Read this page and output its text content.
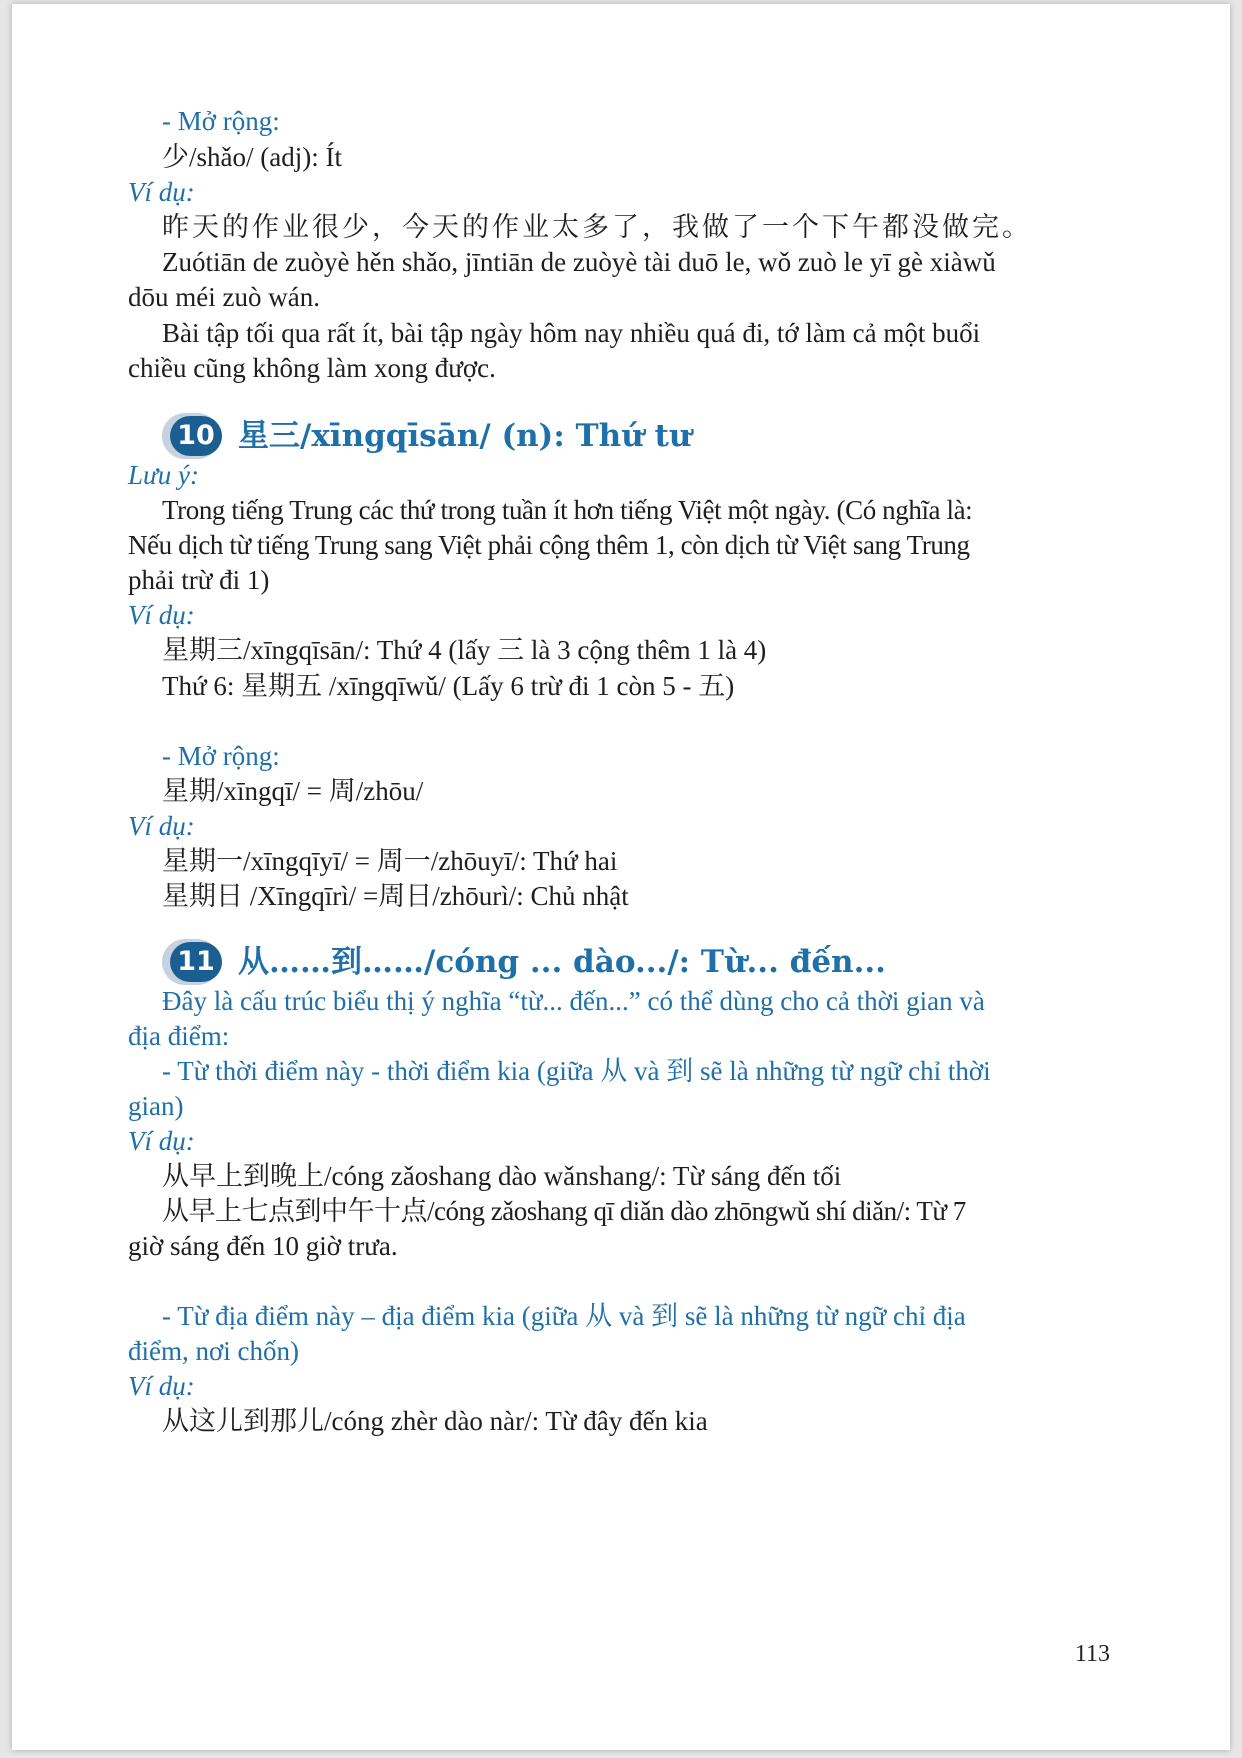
- Mở rộng:
少/shǎo/ (adj): Ít
Ví dụ:
昨天的作业很少，今天的作业太多了，我做了一个下午都没做完。
Zuótiān de zuòyè hěn shǎo, jīntiān de zuòyè tài duō le, wǒ zuò le yī gè xiàwǔ
dōu méi zuò wán.
Bài tập tối qua rất ít, bài tập ngày hôm nay nhiều quá đi, tớ làm cả một buổi
chiều cũng không làm xong được.
10 星三/xīngqīsān/ (n): Thứ tư
Lưu ý:
Trong tiếng Trung các thứ trong tuần ít hơn tiếng Việt một ngày. (Có nghĩa là:
Nếu dịch từ tiếng Trung sang Việt phải cộng thêm 1, còn dịch từ Việt sang Trung
phải trừ đi 1)
Ví dụ:
星期三/xīngqīsān/: Thứ 4 (lấy 三 là 3 cộng thêm 1 là 4)
Thứ 6: 星期五 /xīngqīwǔ/ (Lấy 6 trừ đi 1 còn 5 - 五)
- Mở rộng:
星期/xīngqī/ = 周/zhōu/
Ví dụ:
星期一/xīngqīyī/ = 周一/zhōuyī/: Thứ hai
星期日 /Xīngqīrì/ =周日/zhōurì/: Chủ nhật
11 从……到……/cóng ... dào.../: Từ... đến...
Đây là cấu trúc biểu thị ý nghĩa “từ... đến...” có thể dùng cho cả thời gian và
địa điểm:
- Từ thời điểm này - thời điểm kia (giữa 从 và 到 sẽ là những từ ngữ chỉ thời
gian)
Ví dụ:
从早上到晚上/cóng zǎoshang dào wǎnshang/: Từ sáng đến tối
从早上七点到中午十点/cóng zǎoshang qī diǎn dào zhōngwǔ shí diǎn/: Từ 7
giờ sáng đến 10 giờ trưa.
- Từ địa điểm này – địa điểm kia (giữa 从 và 到 sẽ là những từ ngữ chỉ địa
điểm, nơi chốn)
Ví dụ:
从这儿到那儿/cóng zhèr dào nàr/: Từ đây đến kia
113
